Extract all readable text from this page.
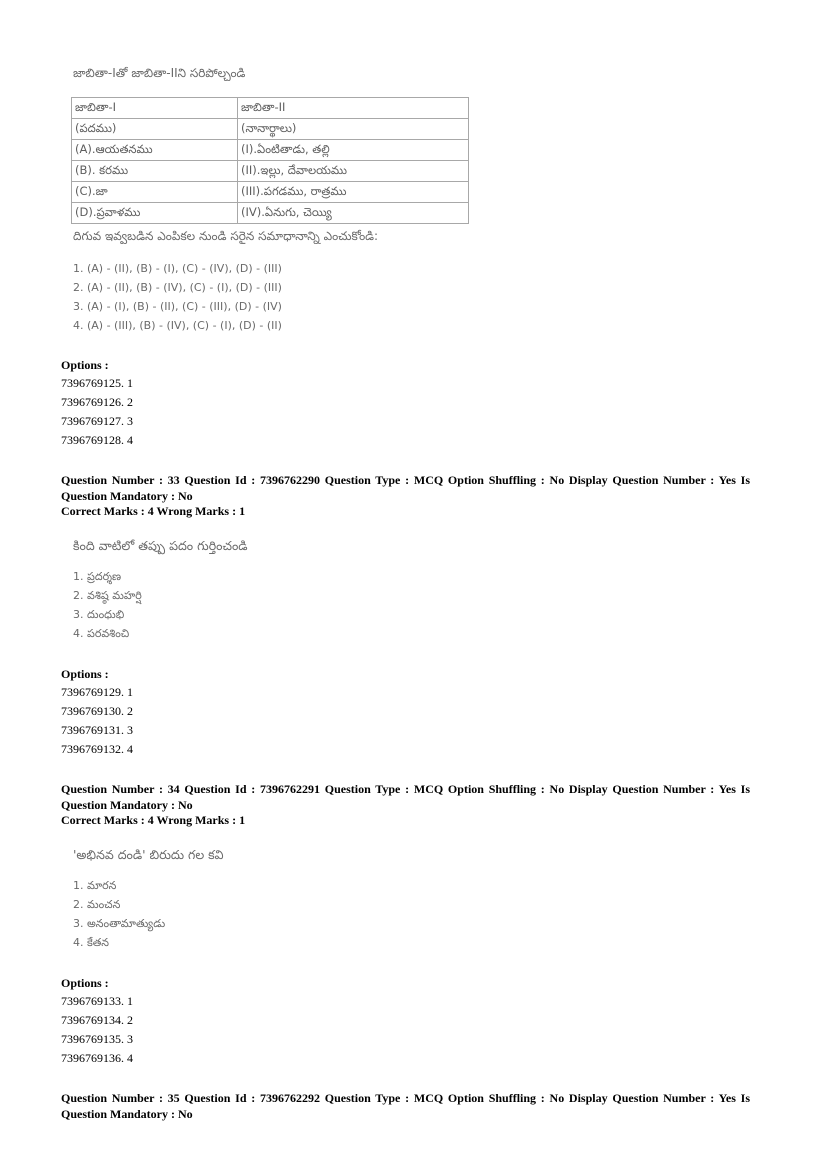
జాబితా-Iతో జాబితా-IIని సరిపోల్చండి
జాబితా-I	జాబితా-II
(పదము)	(నానార్థాలు)
(A).ఆయతనము	(I).ఏంటితాడు, తల్లి
(B). కరము	(II).ఇల్లు, దేవాలయము
(C).జా	(III).పగడము, రాత్రము
(D).ప్రవాళము	(IV).ఏనుగు, చెయ్యి
దిగువ ఇవ్వబడిన ఎంపికల నుండి సరైన సమాధానాన్ని ఎంచుకోండి:
1. (A) - (II), (B) - (I), (C) - (IV), (D) - (III)
2. (A) - (II), (B) - (IV), (C) - (I), (D) - (III)
3. (A) - (I), (B) - (II), (C) - (III), (D) - (IV)
4. (A) - (III), (B) - (IV), (C) - (I), (D) - (II)
Options :
7396769125. 1
7396769126. 2
7396769127. 3
7396769128. 4
Question Number : 33 Question Id : 7396762290 Question Type : MCQ Option Shuffling : No Display Question Number : Yes Is
Question Mandatory : No
Correct Marks : 4 Wrong Marks : 1
కింది వాటిలో తప్పు పదం గుర్తించండి
1. ప్రదర్శణ
2. వశిష్ఠ మహర్షి
3. దుంధుభి
4. పరవశించి
Options :
7396769129. 1
7396769130. 2
7396769131. 3
7396769132. 4
Question Number : 34 Question Id : 7396762291 Question Type : MCQ Option Shuffling : No Display Question Number : Yes Is
Question Mandatory : No
Correct Marks : 4 Wrong Marks : 1
'అభినవ దండి' బిరుదు గల కవి
1. మారన
2. మంచన
3. అనంతామాత్యుడు
4. కేతన
Options :
7396769133. 1
7396769134. 2
7396769135. 3
7396769136. 4
Question Number : 35 Question Id : 7396762292 Question Type : MCQ Option Shuffling : No Display Question Number : Yes Is
Question Mandatory : No
